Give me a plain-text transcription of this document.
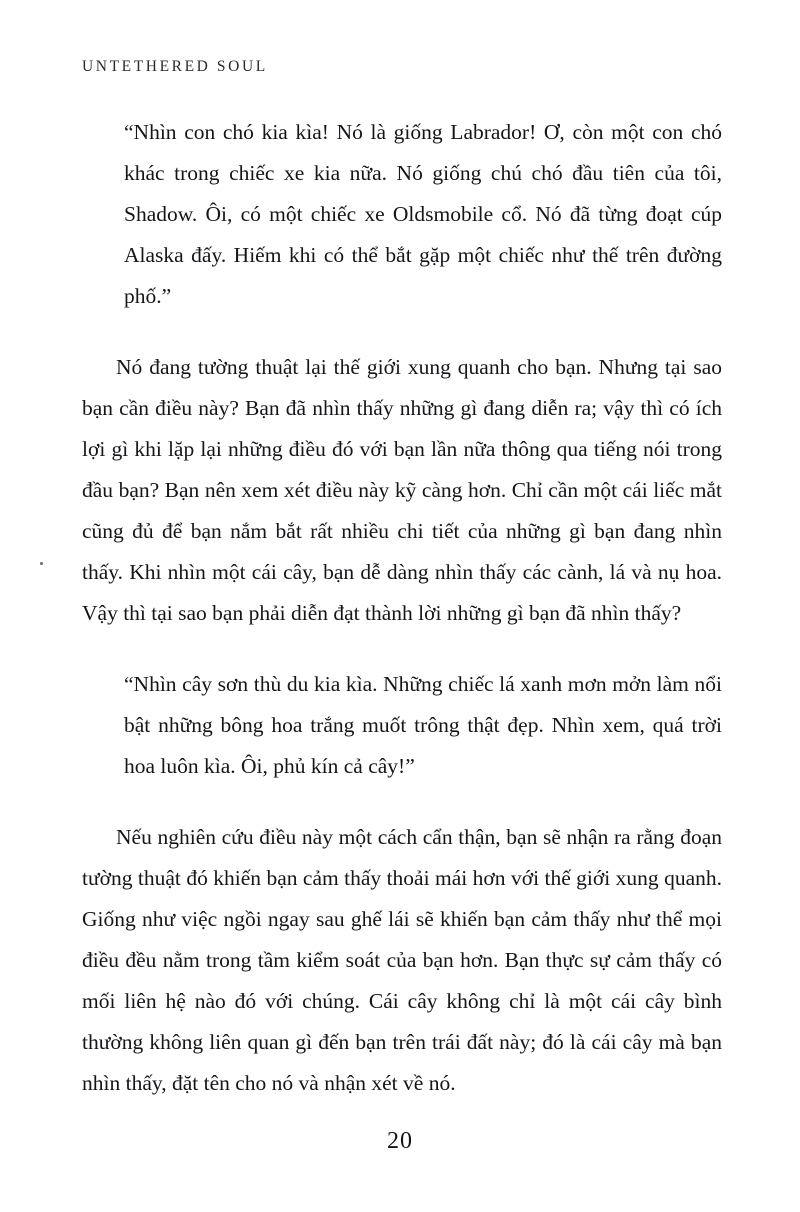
UNTETHERED SOUL

“Nhìn con chó kia kìa! Nó là giống Labrador! Ơ, còn một con chó khác trong chiếc xe kia nữa. Nó giống chú chó đầu tiên của tôi, Shadow. Ôi, có một chiếc xe Oldsmobile cổ. Nó đã từng đoạt cúp Alaska đấy. Hiếm khi có thể bắt gặp một chiếc như thế trên đường phố.”

Nó đang tường thuật lại thế giới xung quanh cho bạn. Nhưng tại sao bạn cần điều này? Bạn đã nhìn thấy những gì đang diễn ra; vậy thì có ích lợi gì khi lặp lại những điều đó với bạn lần nữa thông qua tiếng nói trong đầu bạn? Bạn nên xem xét điều này kỹ càng hơn. Chỉ cần một cái liếc mắt cũng đủ để bạn nắm bắt rất nhiều chi tiết của những gì bạn đang nhìn thấy. Khi nhìn một cái cây, bạn dễ dàng nhìn thấy các cành, lá và nụ hoa. Vậy thì tại sao bạn phải diễn đạt thành lời những gì bạn đã nhìn thấy?

“Nhìn cây sơn thù du kia kìa. Những chiếc lá xanh mơn mởn làm nổi bật những bông hoa trắng muốt trông thật đẹp. Nhìn xem, quá trời hoa luôn kìa. Ôi, phủ kín cả cây!”

Nếu nghiên cứu điều này một cách cẩn thận, bạn sẽ nhận ra rằng đoạn tường thuật đó khiến bạn cảm thấy thoải mái hơn với thế giới xung quanh. Giống như việc ngồi ngay sau ghế lái sẽ khiến bạn cảm thấy như thể mọi điều đều nằm trong tầm kiểm soát của bạn hơn. Bạn thực sự cảm thấy có mối liên hệ nào đó với chúng. Cái cây không chỉ là một cái cây bình thường không liên quan gì đến bạn trên trái đất này; đó là cái cây mà bạn nhìn thấy, đặt tên cho nó và nhận xét về nó.

20
